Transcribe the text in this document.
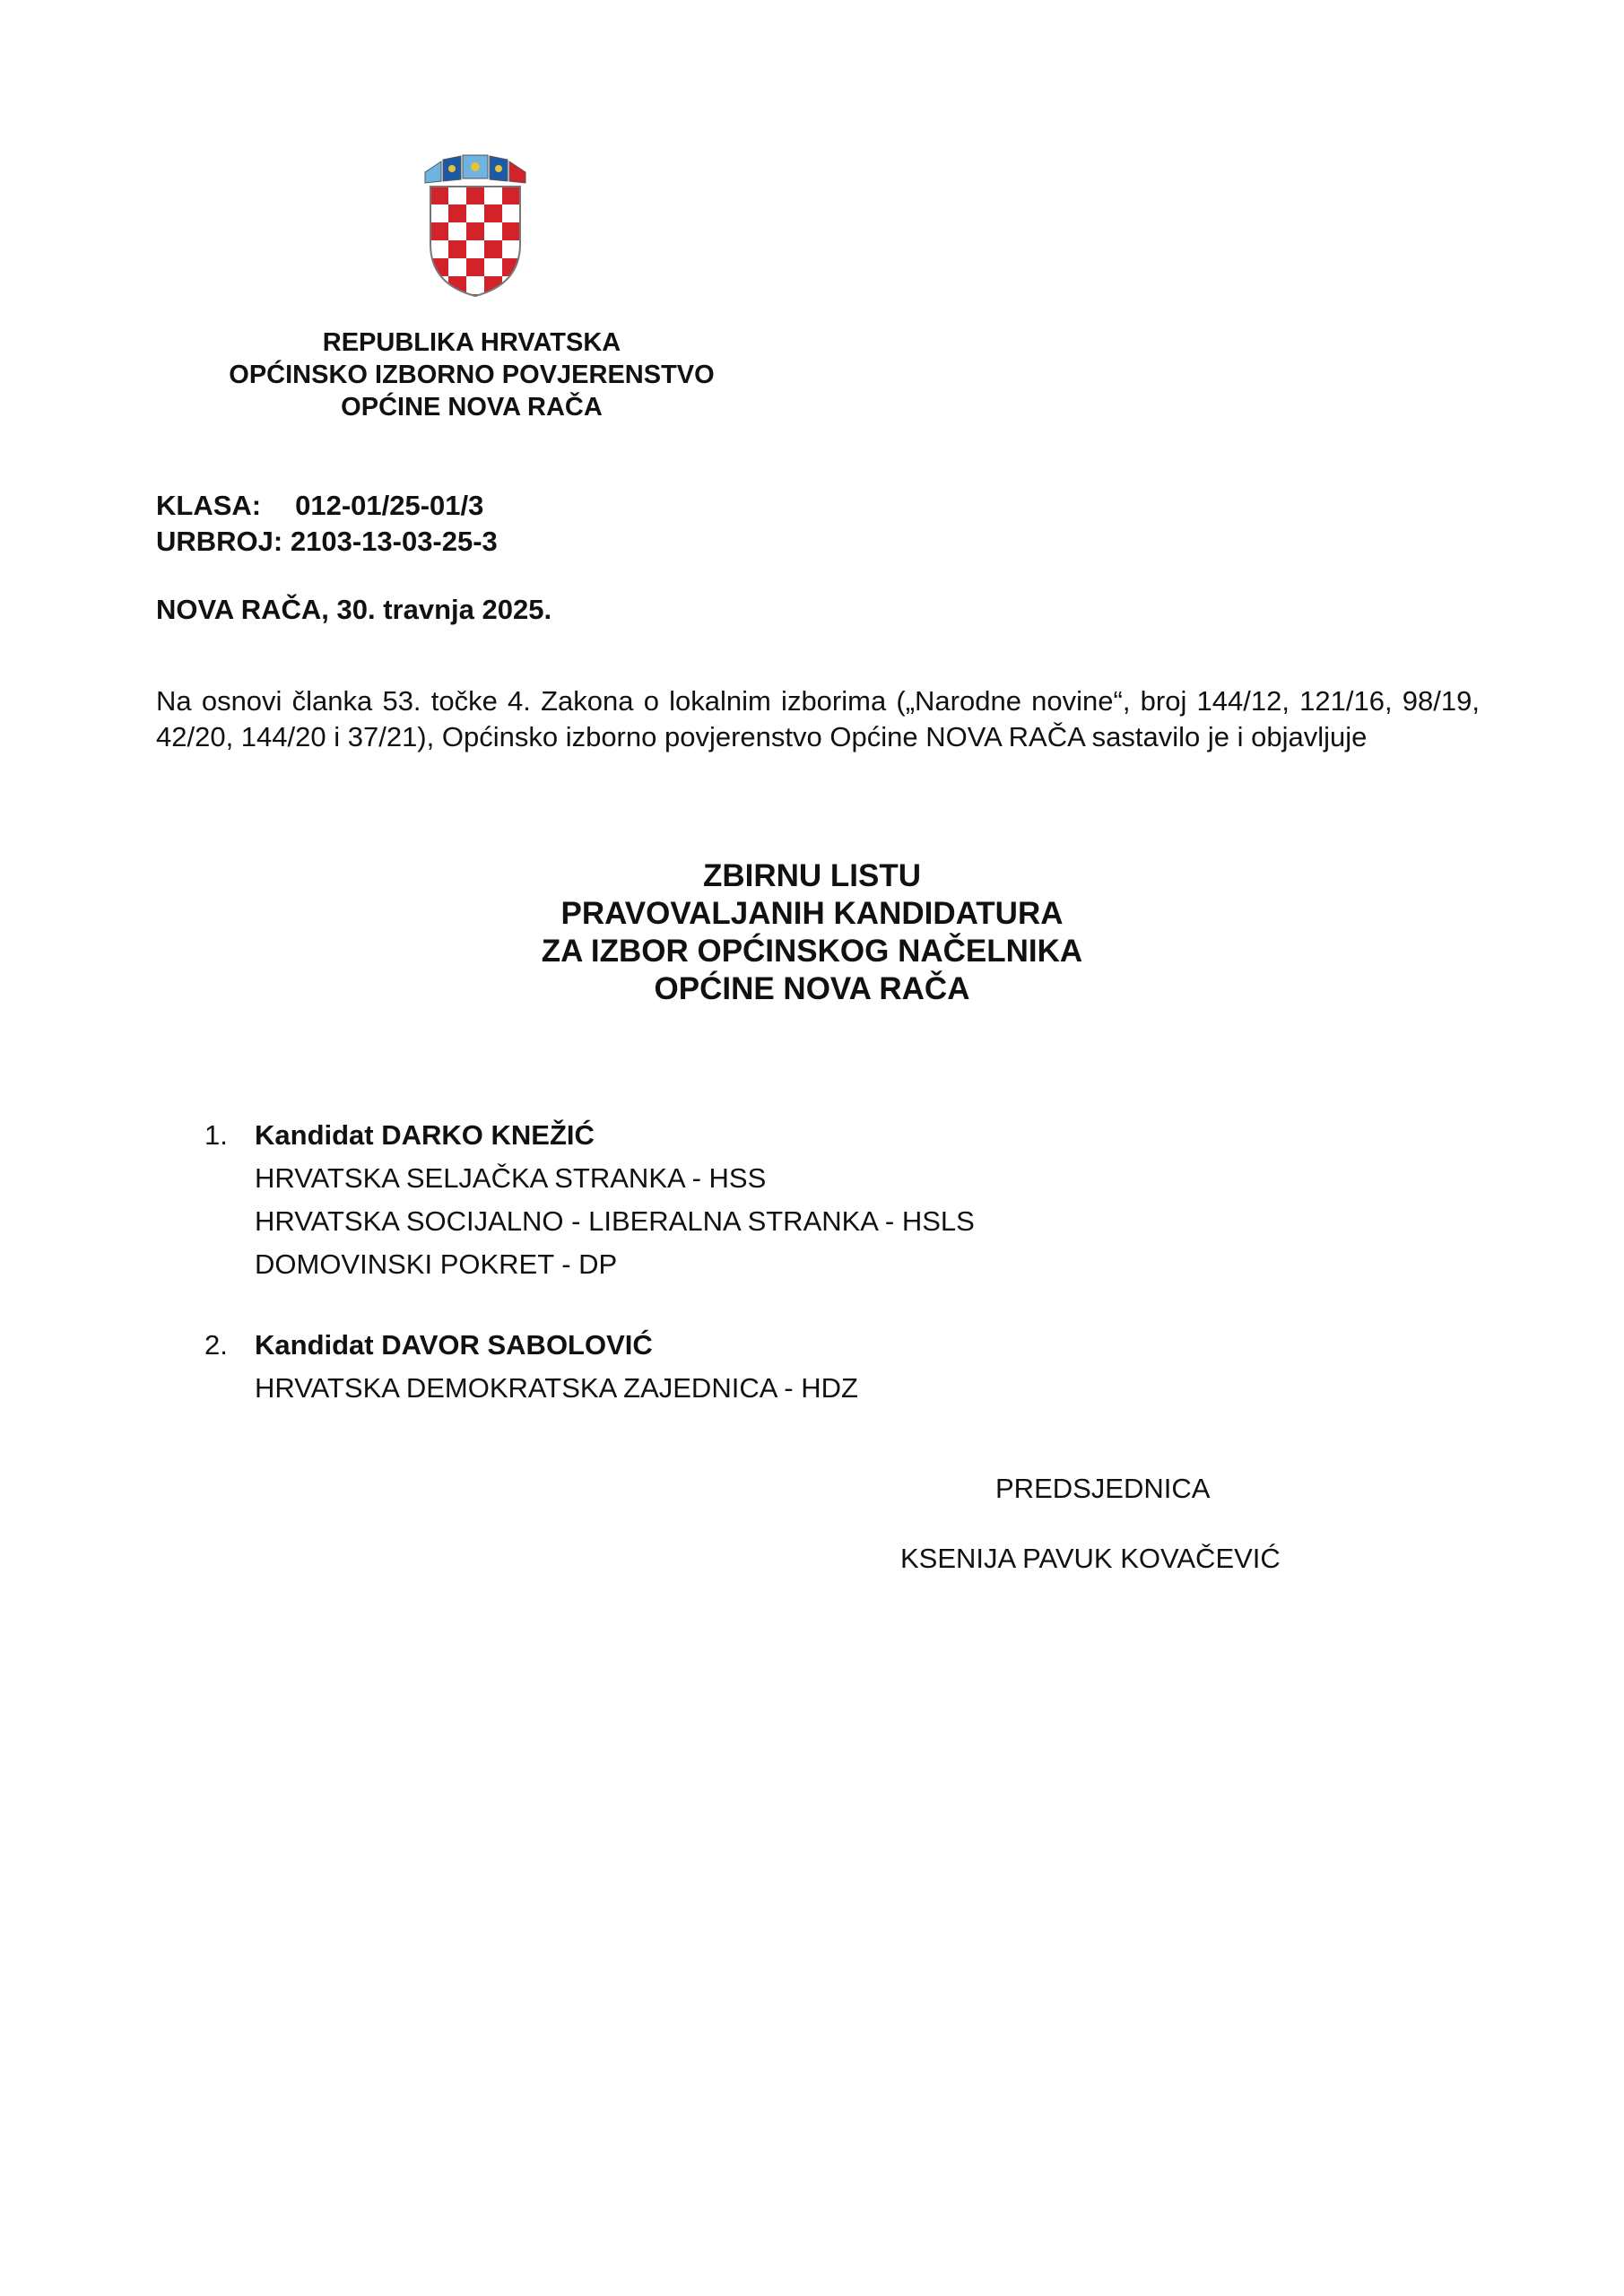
REPUBLIKA HRVATSKA
OPĆINSKO IZBORNO POVJERENSTVO
OPĆINE NOVA RAČA
KLASA: 012-01/25-01/3
URBROJ: 2103-13-03-25-3
NOVA RAČA, 30. travnja 2025.
Na osnovi članka 53. točke 4. Zakona o lokalnim izborima („Narodne novine“, broj 144/12, 121/16, 98/19, 42/20, 144/20 i 37/21), Općinsko izborno povjerenstvo Općine NOVA RAČA sastavilo je i objavljuje
ZBIRNU LISTU
PRAVOVALJANIH KANDIDATURA
ZA IZBOR OPĆINSKOG NAČELNIKA
OPĆINE NOVA RAČA
1. Kandidat DARKO KNEŽIĆ
HRVATSKA SELJAČKA STRANKA - HSS
HRVATSKA SOCIJALNO - LIBERALNA STRANKA - HSLS
DOMOVINSKI POKRET - DP
2. Kandidat DAVOR SABOLOVIĆ
HRVATSKA DEMOKRATSKA ZAJEDNICA - HDZ
PREDSJEDNICA
KSENIJA PAVUK KOVAČEVIĆ
